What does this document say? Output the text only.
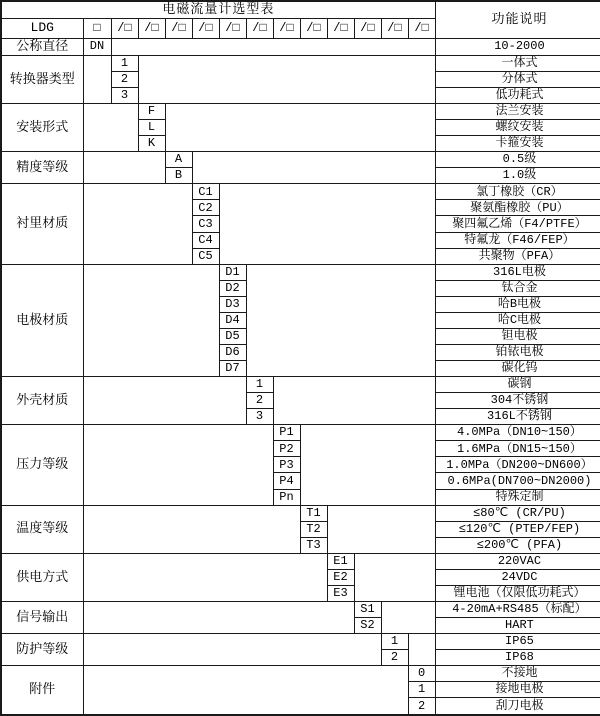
电磁流量计选型表														功能说明
LDG	□	/□	/□	/□	/□	/□	/□	/□	/□	/□	/□	/□	/□	
公称直径	DN													10-2000
转换器类型		1												一体式
		2												分体式
		3												低功耗式
安装形式			F											法兰安装
			L											螺纹安装
			K											卡箍安装
精度等级				A										0.5级
				B										1.0级
衬里材质					C1									氯丁橡胶（CR）
					C2									聚氨酯橡胶（PU）
					C3									聚四氟乙烯（F4/PTFE）
					C4									特氟龙（F46/FEP）
					C5									共聚物（PFA）
电极材质						D1								316L电极
						D2								钛合金
						D3								哈B电极
						D4								哈C电极
						D5								钽电极
						D6								铂铱电极
						D7								碳化钨
外壳材质							1							碳钢
							2							304不锈钢
							3							316L不锈钢
压力等级								P1						4.0MPa（DN10~150）
								P2						1.6MPa（DN15~150）
								P3						1.0MPa（DN200~DN600）
								P4						0.6MPa(DN700~DN2000)
								Pn						特殊定制
温度等级									T1					≤80℃ (CR/PU)
									T2					≤120℃ (PTEP/FEP)
									T3					≤200℃ (PFA)
供电方式										E1				220VAC
										E2				24VDC
										E3				锂电池（仅限低功耗式）
信号输出											S1			4-20mA+RS485（标配）
											S2			HART
防护等级												1		IP65
												2		IP68
附件													0	不接地
													1	接地电极
													2	刮刀电极
